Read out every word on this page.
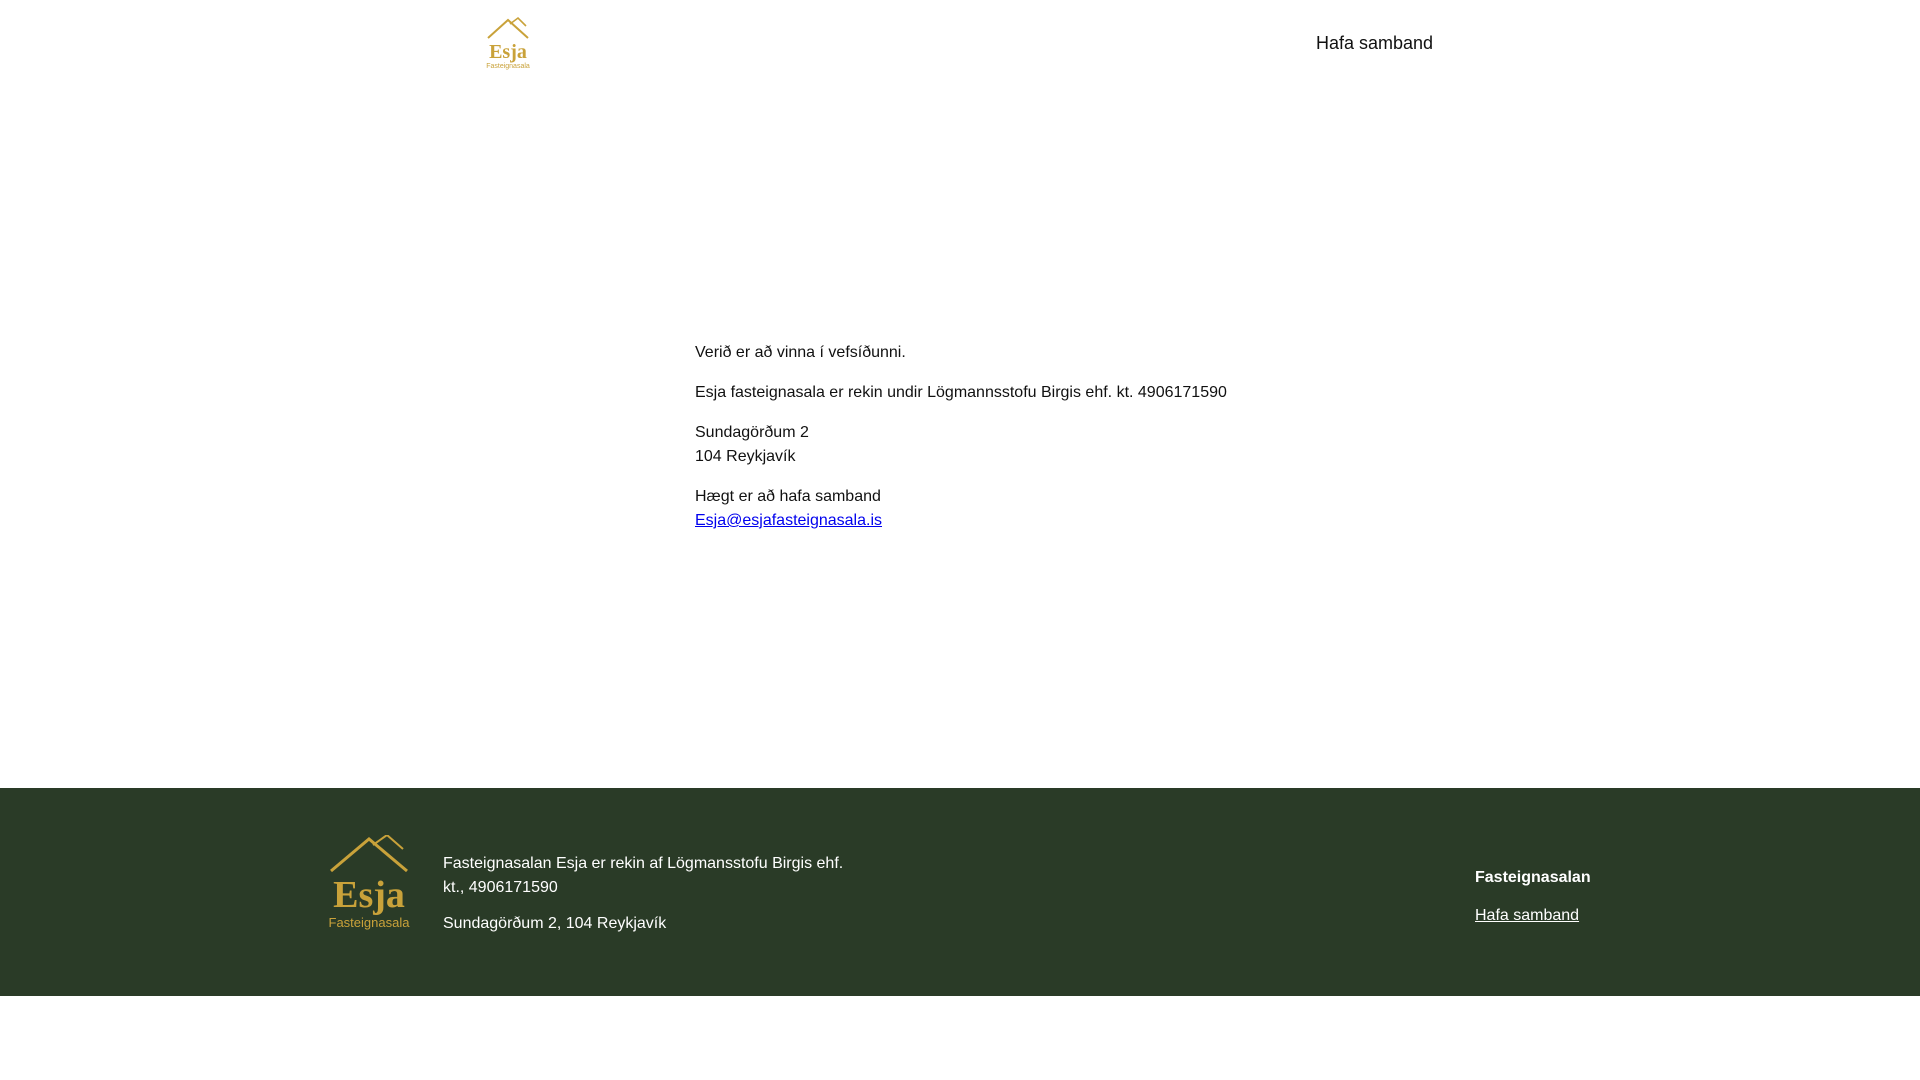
Esja
Fasteignasala
Hafa samband

Verið er að vinna í vefsíðunni.

Esja fasteignasala er rekin undir Lögmannsstofu Birgis ehf. kt. 4906171590

Sundagörðum 2
104 Reykjavík

Hægt er að hafa samband
Esja@esjafasteignasala.is

Esja
Fasteignasala

Fasteignasalan Esja er rekin af Lögmansstofu Birgis ehf. kt., 4906171590

Sundagörðum 2, 104 Reykjavík

Fasteignasalan
Hafa samband
